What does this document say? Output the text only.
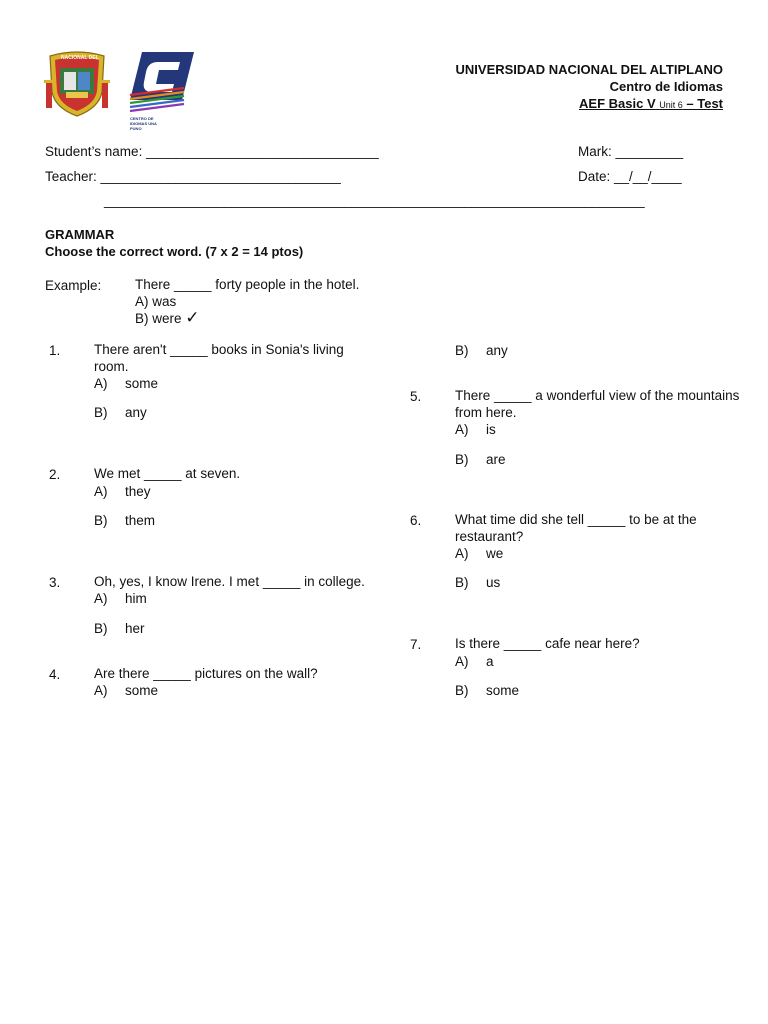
NACIONAL DEL
CENTRO DE IDIOMAS UNA PUNO
UNIVERSIDAD NACIONAL DEL ALTIPLANO
Centro de Idiomas
AEF Basic V Unit 6 – Test
Student’s name: _______________________________	Mark: _________
Teacher: ________________________________	Date: __/__/____
________________________________________________________________________
GRAMMAR
Choose the correct word. (7 x 2 = 14 ptos)
Example: There _____ forty people in the hotel.
A) was
B) were ✓
1. There aren't _____ books in Sonia's living room.
A) some
B) any
2. We met _____ at seven.
A) they
B) them
3. Oh, yes, I know Irene. I met _____ in college.
A) him
B) her
4. Are there _____ pictures on the wall?
A) some
B) any
5. There _____ a wonderful view of the mountains from here.
A) is
B) are
6. What time did she tell _____ to be at the restaurant?
A) we
B) us
7. Is there _____ cafe near here?
A) a
B) some
